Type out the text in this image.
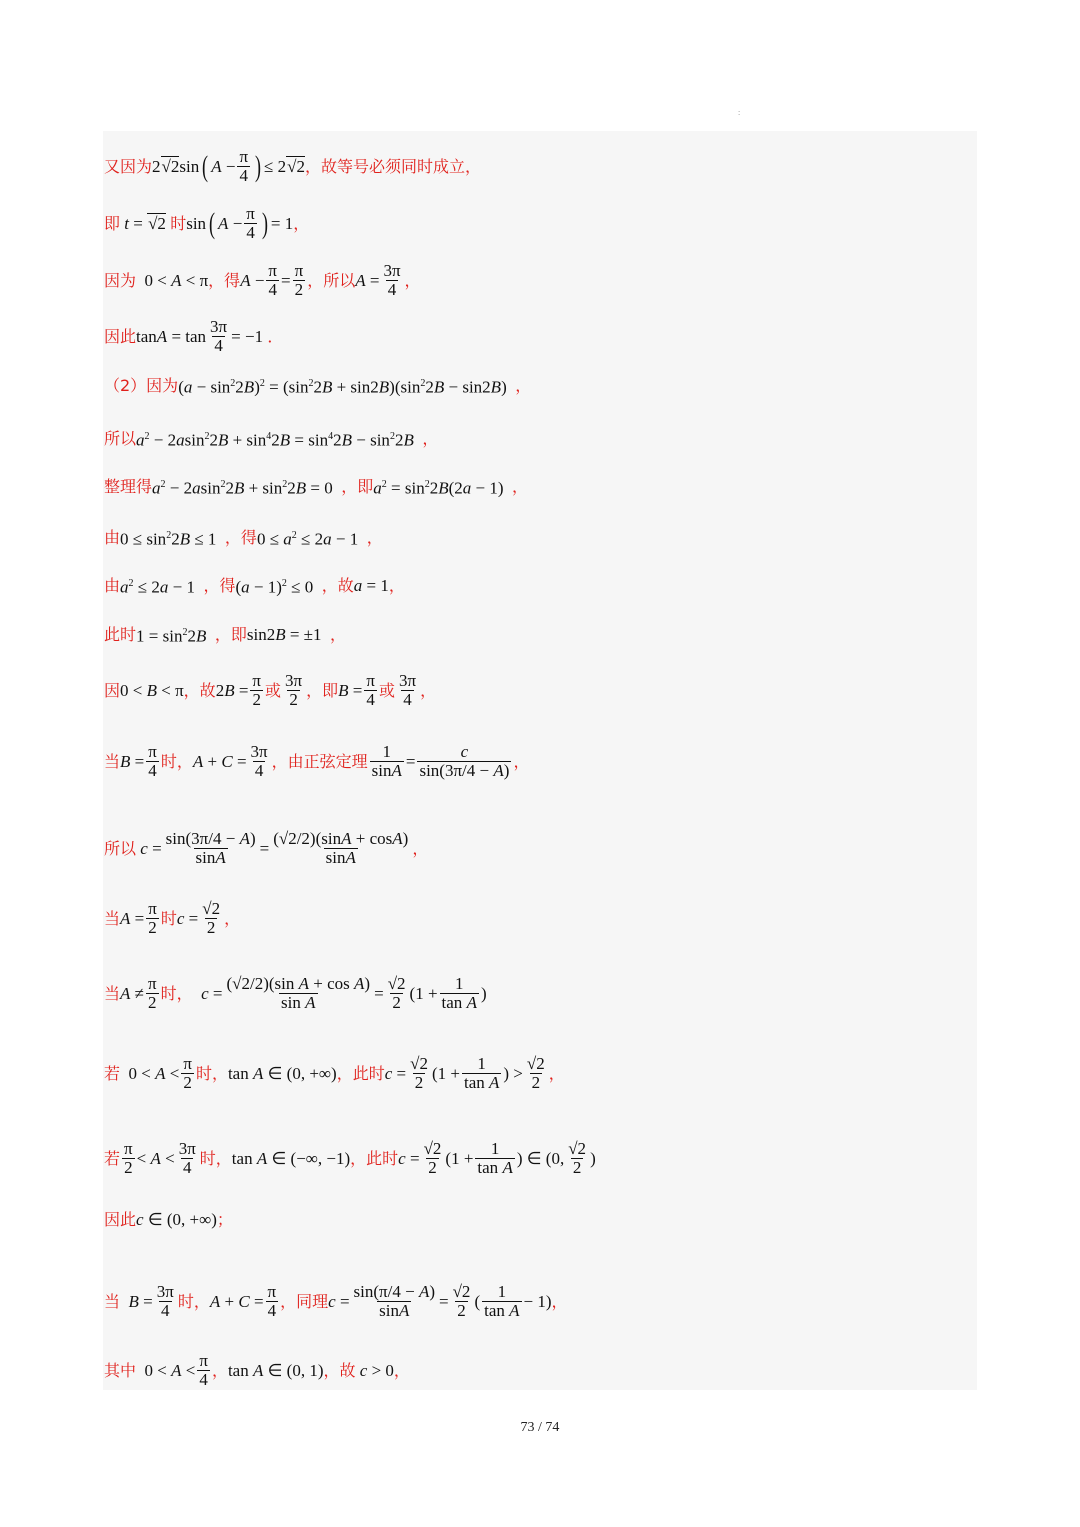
:
又因为 2√2sin ( $A - \frac{\pi}{4}$ ) ≤ 2√2 ，故等号必须同时成立，
即 t = √2 时 sin ( $A - \frac{\pi}{4}$ ) = 1 ，
因为 0 < A < π ，得 $A - \frac{\pi}{4} = \frac{\pi}{2}$ ，所以 $A = \frac{3\pi}{4}$ ，
因此 $\tan A = \tan \frac{3\pi}{4} = -1$ ．
（2）因为 $(a - \sin^22B)^2 = (\sin^22B + \sin 2B)(\sin^22B - \sin 2B)$ ，
所以 $a^2 - 2asin^22B + \sin^42B = \sin^42B - \sin^22B$ ，
整理得 $a^2 - 2asin^22B + \sin^22B = 0$ ，即 $a^2 = \sin^22B(2a - 1)$ ，
由 $0 \le \sin^22B \le 1$ ，得 $0 \le a^2 \le 2a - 1$ ，
由 $a^2 \le 2a - 1$ ，得 $(a - 1)^2 \le 0$ ，故 a = 1 ，
此时 $1 = \sin^22B$ ，即 sin2B = ±1 ，
因 0 < B < π ，故 $2B = \frac{\pi}{2}$ 或 $\frac{3\pi}{2}$ ，即 $B = \frac{\pi}{4}$ 或 $\frac{3\pi}{4}$ ，
当 $B = \frac{\pi}{4}$ 时， $A + C = \frac{3\pi}{4}$ ，由正弦定理 $\frac{1}{\sin A} = \frac{c}{\sin(3\pi/4 - A)}$ ，
所以 $c = \frac{\sin(3\pi/4 - A)}{\sin A} = \frac{(√2/2)(\sin A + \cos A)}{\sin A}$ ，
当 $A = \frac{\pi}{2}$ 时 $c = \frac{√2}{2}$ ，
当 $A \ne \frac{\pi}{2}$ 时， $c = \frac{\text{(√2/2)(sin A + cos A)}}{\text{sin A}} = \frac{√2}{2} (1 + \frac{1}{\text{tan A}}$ )
若 $0 < A < \frac{\pi}{2}$ 时， tan A ∈ (0, +∞) ，此时 $c = \frac{√2}{2} (1 + \frac{1}{\text{tan A}}$ ) > $\frac{√2}{2}$ ，
若 $\frac{\pi}{2} < A < \frac{3\pi}{4}$ 时， tan A ∈ (−∞, −1) ，此时 $c = \frac{√2}{2} (1 + \frac{1}{\text{tan A}}$ ) ∈ (0, $\frac{√2}{2}$ )
因此 c ∈ (0, +∞) ；
当 $B = \frac{3\pi}{4}$ 时， $A + C = \frac{\pi}{4}$ ，同理 $c = \frac{\sin(\pi/4 - A)}{\sin A} = \frac{√2}{2}$ ( $\frac{1}{\text{tan A}} - 1$) ，
其中 $0 < A < \frac{\pi}{4}$ ， tan A ∈ (0, 1) ，故 c > 0 ，
73 / 74
